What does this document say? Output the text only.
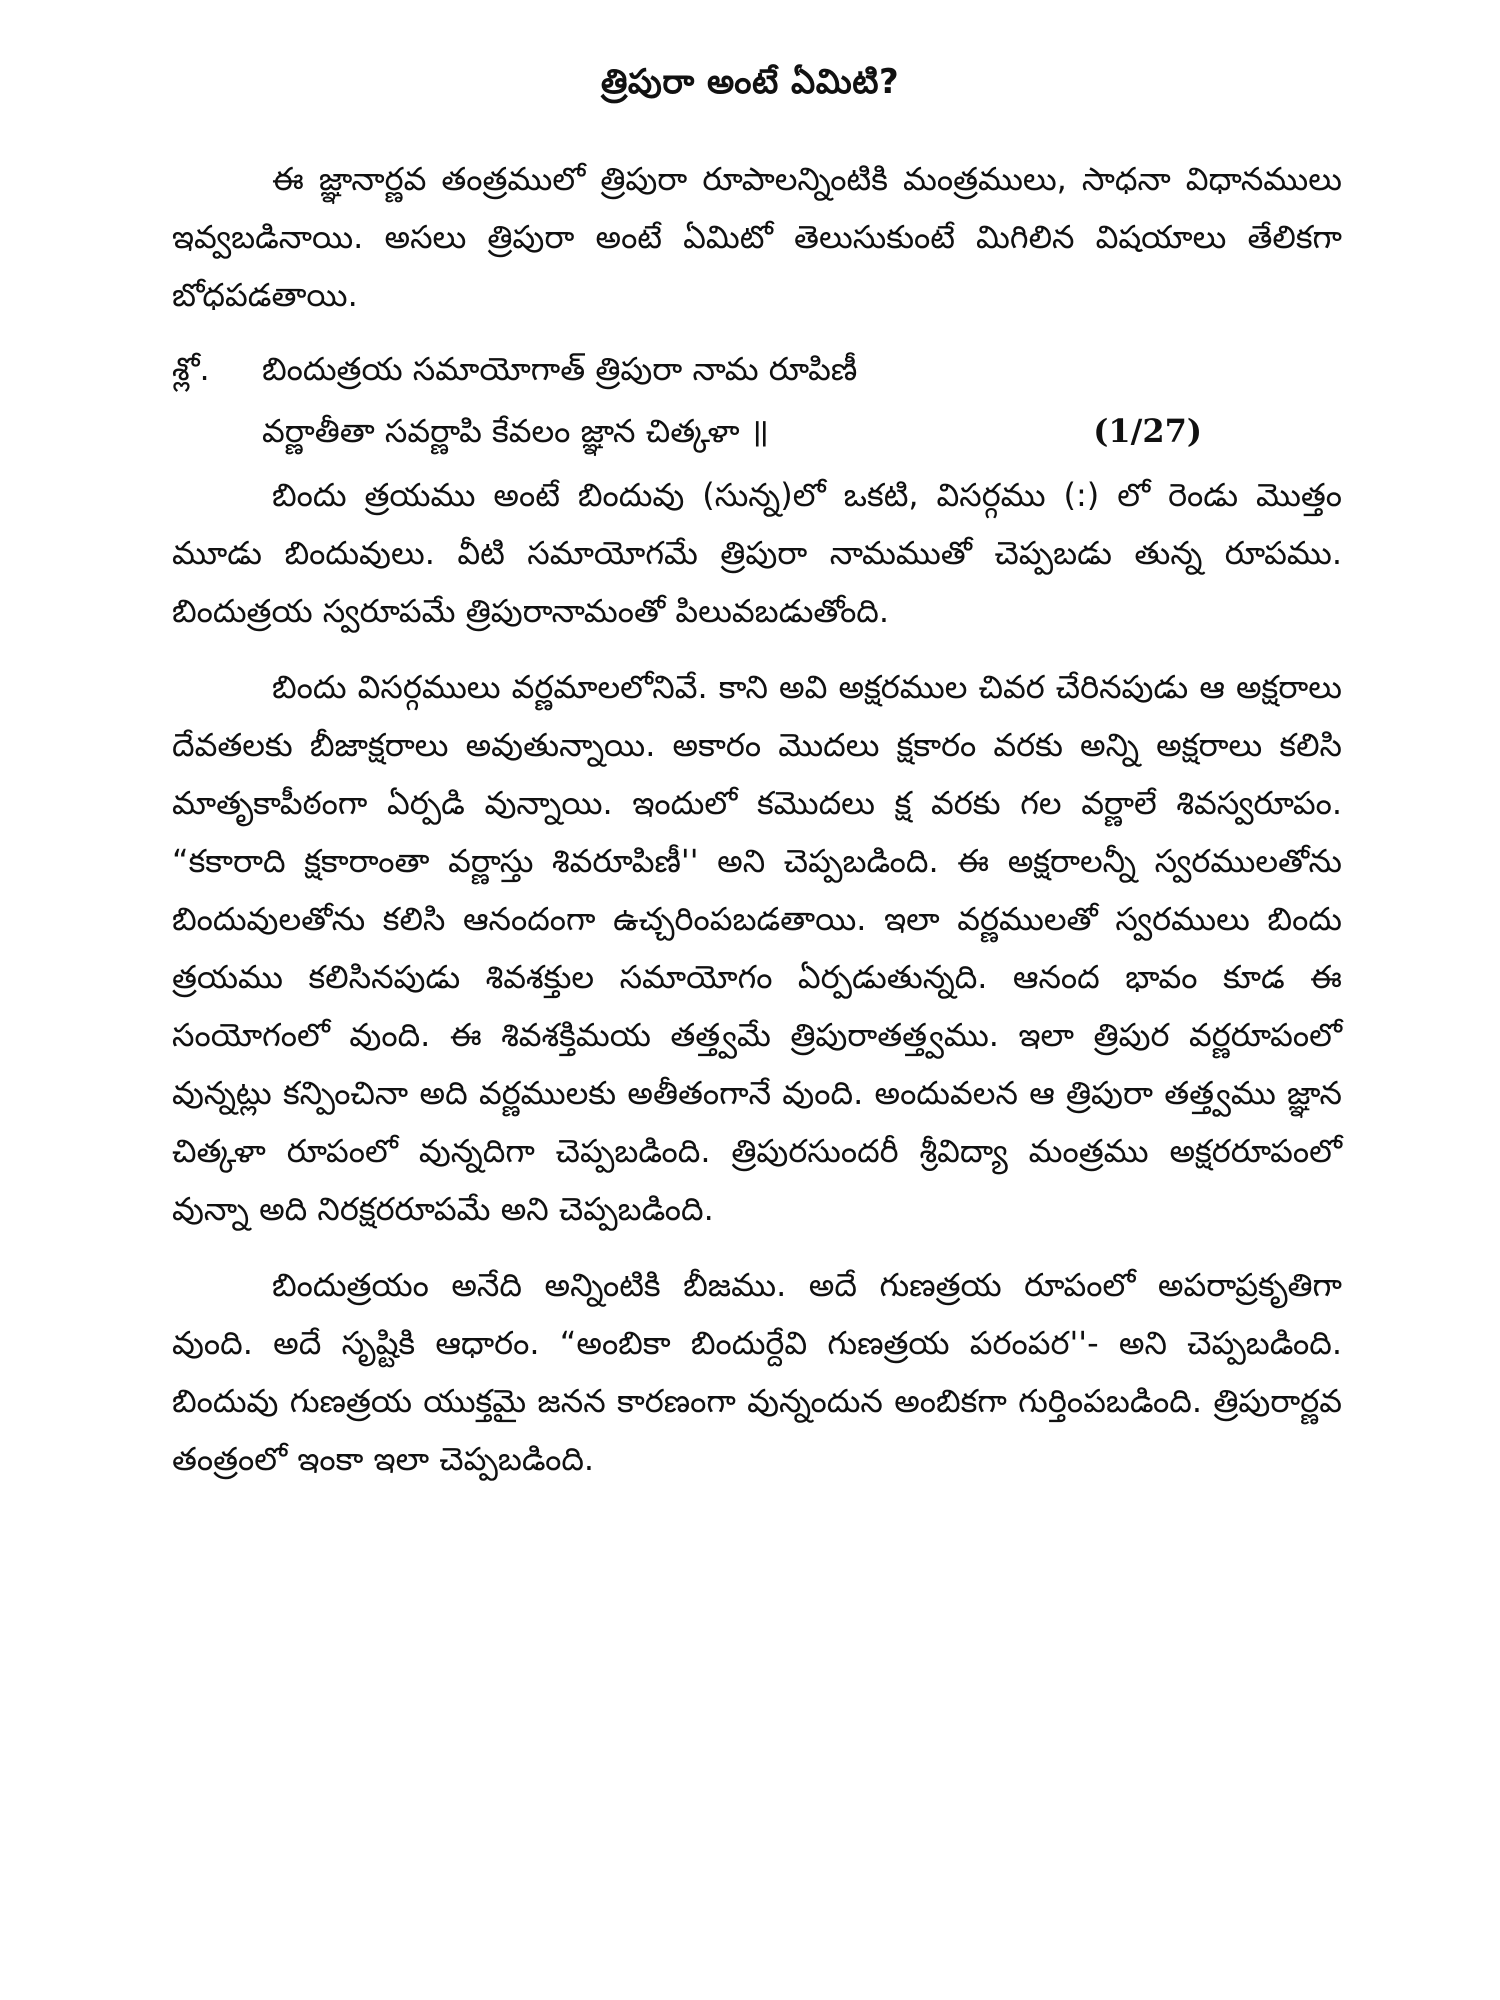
త్రిపురా అంటే ఏమిటి?

ఈ జ్ఞానార్ణవ తంత్రములో త్రిపురా రూపాలన్నింటికి మంత్రములు, సాధనా విధానములు ఇవ్వబడినాయి. అసలు త్రిపురా అంటే ఏమిటో తెలుసుకుంటే మిగిలిన విషయాలు తేలికగా బోధపడతాయి.

శ్లో. బిందుత్రయ సమాయోగాత్ త్రిపురా నామ రూపిణీ
వర్ణాతీతా సవర్ణాపి కేవలం జ్ఞాన చిత్కళా ॥	(1/27)

బిందు త్రయము అంటే బిందువు (సున్న)లో ఒకటి, విసర్గము (:) లో రెండు మొత్తం మూడు బిందువులు. వీటి సమాయోగమే త్రిపురా నామముతో చెప్పబడు తున్న రూపము. బిందుత్రయ స్వరూపమే త్రిపురానామంతో పిలువబడుతోంది.

బిందు విసర్గములు వర్ణమాలలోనివే. కాని అవి అక్షరముల చివర చేరినపుడు ఆ అక్షరాలు దేవతలకు బీజాక్షరాలు అవుతున్నాయి. అకారం మొదలు క్షకారం వరకు అన్ని అక్షరాలు కలిసి మాతృకాపీఠంగా ఏర్పడి వున్నాయి. ఇందులో కమొదలు క్ష వరకు గల వర్ణాలే శివస్వరూపం. “కకారాది క్షకారాంతా వర్ణాస్తు శివరూపిణీ'' అని చెప్పబడింది. ఈ అక్షరాలన్నీ స్వరములతోను బిందువులతోను కలిసి ఆనందంగా ఉచ్చరింపబడతాయి. ఇలా వర్ణములతో స్వరములు బిందు త్రయము కలిసినపుడు శివశక్తుల సమాయోగం ఏర్పడుతున్నది. ఆనంద భావం కూడ ఈ సంయోగంలో వుంది. ఈ శివశక్తిమయ తత్త్వమే త్రిపురాతత్త్వము. ఇలా త్రిపుర వర్ణరూపంలో వున్నట్లు కన్పించినా అది వర్ణములకు అతీతంగానే వుంది. అందువలన ఆ త్రిపురా తత్త్వము జ్ఞాన చిత్కళా రూపంలో వున్నదిగా చెప్పబడింది. త్రిపురసుందరీ శ్రీవిద్యా మంత్రము అక్షరరూపంలో వున్నా అది నిరక్షరరూపమే అని చెప్పబడింది.

బిందుత్రయం అనేది అన్నింటికి బీజము. అదే గుణత్రయ రూపంలో అపరాప్రకృతిగా వుంది. అదే సృష్టికి ఆధారం. “అంబికా బిందుర్దేవి గుణత్రయ పరంపర''- అని చెప్పబడింది. బిందువు గుణత్రయ యుక్తమై జనన కారణంగా వున్నందున అంబికగా గుర్తింపబడింది. త్రిపురార్ణవ తంత్రంలో ఇంకా ఇలా చెప్పబడింది.
